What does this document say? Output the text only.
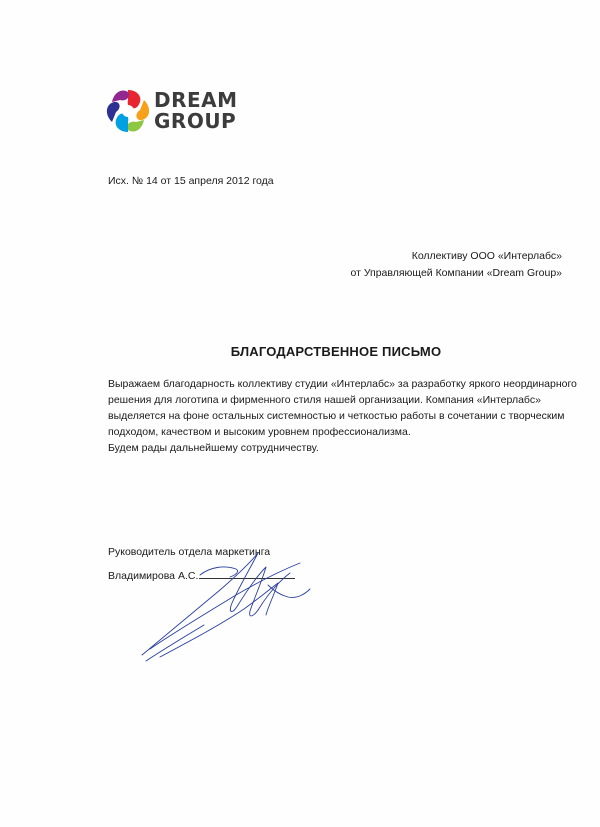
DREAM
GROUP
Исх. № 14 от 15 апреля 2012 года
Коллективу ООО «Интерлабс»
от Управляющей Компании «Dream Group»
БЛАГОДАРСТВЕННОЕ ПИСЬМО

Выражаем благодарность коллективу студии «Интерлабс» за разработку яркого неординарного

решения для логотипа и фирменного стиля нашей организации. Компания «Интерлабс»

выделяется на фоне остальных системностью и четкостью работы в сочетании с творческим

подходом, качеством и высоким уровнем профессионализма.

Будем рады дальнейшему сотрудничеству.

Руководитель отдела маркетинга
Владимирова А.С.
